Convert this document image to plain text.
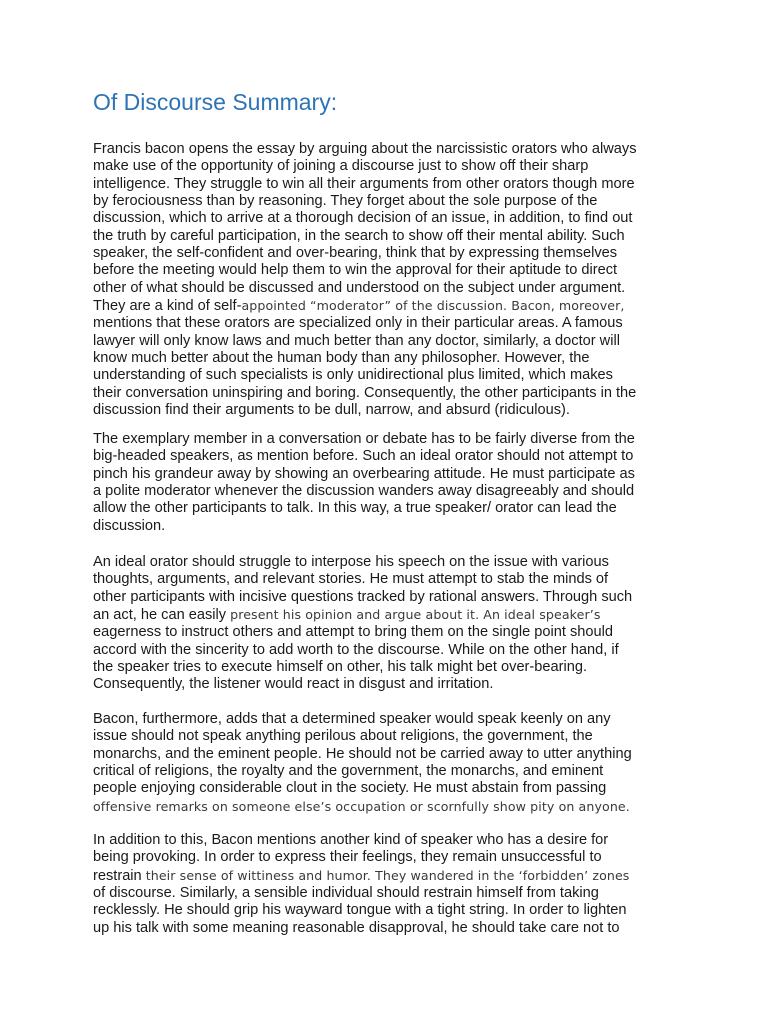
Of Discourse Summary:
Francis bacon opens the essay by arguing about the narcissistic orators who always
make use of the opportunity of joining a discourse just to show off their sharp
intelligence. They struggle to win all their arguments from other orators though more
by ferociousness than by reasoning. They forget about the sole purpose of the
discussion, which to arrive at a thorough decision of an issue, in addition, to find out
the truth by careful participation, in the search to show off their mental ability. Such
speaker, the self-confident and over-bearing, think that by expressing themselves
before the meeting would help them to win the approval for their aptitude to direct
other of what should be discussed and understood on the subject under argument.
They are a kind of self-appointed “moderator” of the discussion. Bacon, moreover,
mentions that these orators are specialized only in their particular areas. A famous
lawyer will only know laws and much better than any doctor, similarly, a doctor will
know much better about the human body than any philosopher. However, the
understanding of such specialists is only unidirectional plus limited, which makes
their conversation uninspiring and boring. Consequently, the other participants in the
discussion find their arguments to be dull, narrow, and absurd (ridiculous).
The exemplary member in a conversation or debate has to be fairly diverse from the
big-headed speakers, as mention before. Such an ideal orator should not attempt to
pinch his grandeur away by showing an overbearing attitude. He must participate as
a polite moderator whenever the discussion wanders away disagreeably and should
allow the other participants to talk. In this way, a true speaker/ orator can lead the
discussion.
An ideal orator should struggle to interpose his speech on the issue with various
thoughts, arguments, and relevant stories. He must attempt to stab the minds of
other participants with incisive questions tracked by rational answers. Through such
an act, he can easily present his opinion and argue about it. An ideal speaker’s
eagerness to instruct others and attempt to bring them on the single point should
accord with the sincerity to add worth to the discourse. While on the other hand, if
the speaker tries to execute himself on other, his talk might bet over-bearing.
Consequently, the listener would react in disgust and irritation.
Bacon, furthermore, adds that a determined speaker would speak keenly on any
issue should not speak anything perilous about religions, the government, the
monarchs, and the eminent people. He should not be carried away to utter anything
critical of religions, the royalty and the government, the monarchs, and eminent
people enjoying considerable clout in the society. He must abstain from passing
offensive remarks on someone else’s occupation or scornfully show pity on anyone.
In addition to this, Bacon mentions another kind of speaker who has a desire for
being provoking. In order to express their feelings, they remain unsuccessful to
restrain their sense of wittiness and humor. They wandered in the ‘forbidden’ zones
of discourse. Similarly, a sensible individual should restrain himself from taking
recklessly. He should grip his wayward tongue with a tight string. In order to lighten
up his talk with some meaning reasonable disapproval, he should take care not to
